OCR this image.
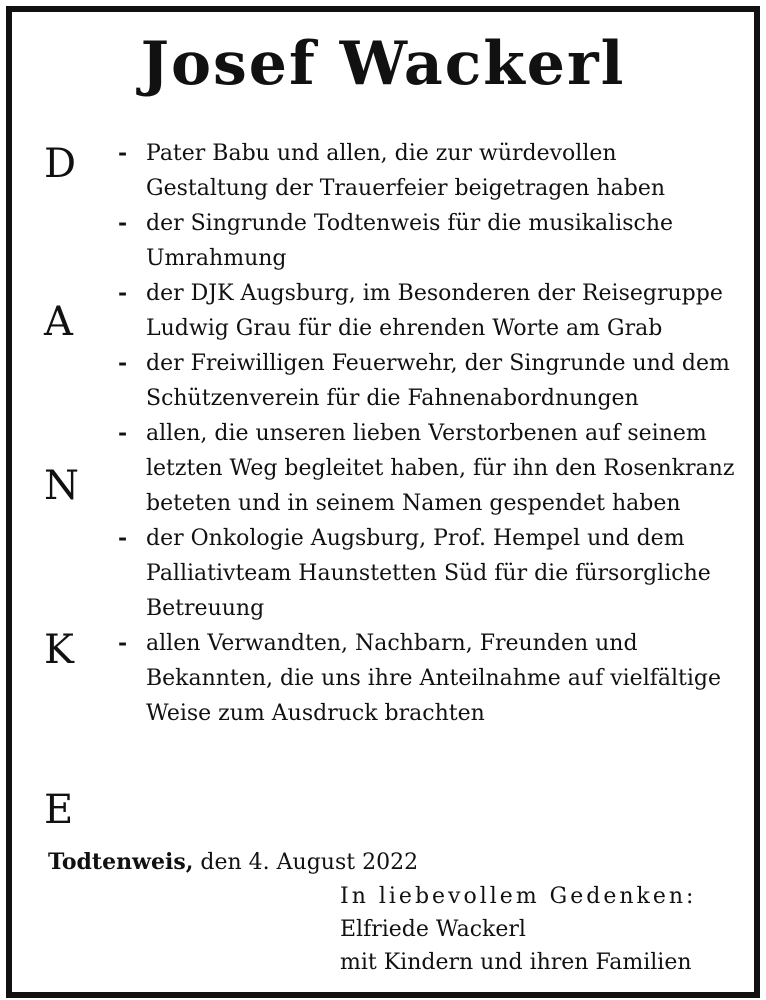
Josef Wackerl
D
A
N
K
E
- Pater Babu und allen, die zur würdevollen Gestaltung der Trauerfeier beigetragen haben
- der Singrunde Todtenweis für die musikalische Umrahmung
- der DJK Augsburg, im Besonderen der Reisegruppe Ludwig Grau für die ehrenden Worte am Grab
- der Freiwilligen Feuerwehr, der Singrunde und dem Schützenverein für die Fahnenabordnungen
- allen, die unseren lieben Verstorbenen auf seinem letzten Weg begleitet haben, für ihn den Rosenkranz beteten und in seinem Namen gespendet haben
- der Onkologie Augsburg, Prof. Hempel und dem Palliativteam Haunstetten Süd für die fürsorgliche Betreuung
- allen Verwandten, Nachbarn, Freunden und Bekannten, die uns ihre Anteilnahme auf vielfältige Weise zum Ausdruck brachten
Todtenweis, den 4. August 2022
In liebevollem Gedenken:
Elfriede Wackerl
mit Kindern und ihren Familien
